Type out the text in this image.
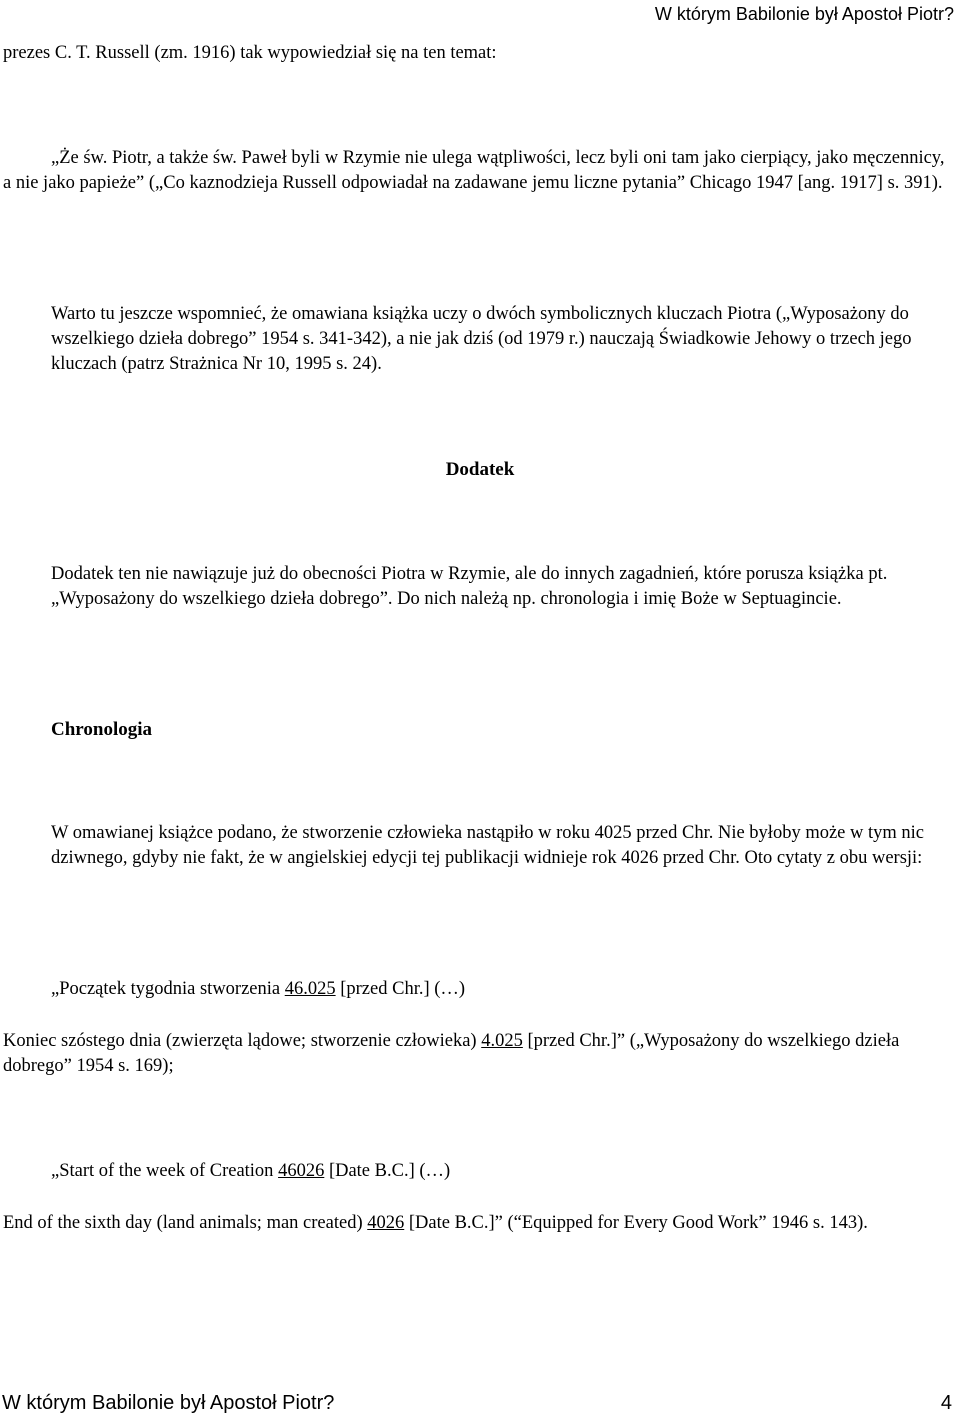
W którym Babilonie był Apostoł Piotr?

prezes C. T. Russell (zm. 1916) tak wypowiedział się na ten temat:

„Że św. Piotr, a także św. Paweł byli w Rzymie nie ulega wątpliwości, lecz byli oni tam jako cierpiący, jako męczennicy, a nie jako papieże” („Co kaznodzieja Russell odpowiadał na zadawane jemu liczne pytania” Chicago 1947 [ang. 1917] s. 391).

Warto tu jeszcze wspomnieć, że omawiana książka uczy o dwóch symbolicznych kluczach Piotra („Wyposażony do wszelkiego dzieła dobrego” 1954 s. 341-342), a nie jak dziś (od 1979 r.) nauczają Świadkowie Jehowy o trzech jego kluczach (patrz Strażnica Nr 10, 1995 s. 24).

Dodatek

Dodatek ten nie nawiązuje już do obecności Piotra w Rzymie, ale do innych zagadnień, które porusza książka pt. „Wyposażony do wszelkiego dzieła dobrego”. Do nich należą np. chronologia i imię Boże w Septuagincie.

Chronologia

W omawianej książce podano, że stworzenie człowieka nastąpiło w roku 4025 przed Chr. Nie byłoby może w tym nic dziwnego, gdyby nie fakt, że w angielskiej edycji tej publikacji widnieje rok 4026 przed Chr. Oto cytaty z obu wersji:

„Początek tygodnia stworzenia 46.025 [przed Chr.] (…)

Koniec szóstego dnia (zwierzęta lądowe; stworzenie człowieka) 4.025 [przed Chr.]” („Wyposażony do wszelkiego dzieła dobrego” 1954 s. 169);

„Start of the week of Creation 46026 [Date B.C.] (…)

End of the sixth day (land animals; man created) 4026 [Date B.C.]” (“Equipped for Every Good Work” 1946 s. 143).

W którym Babilonie był Apostoł Piotr?	4
